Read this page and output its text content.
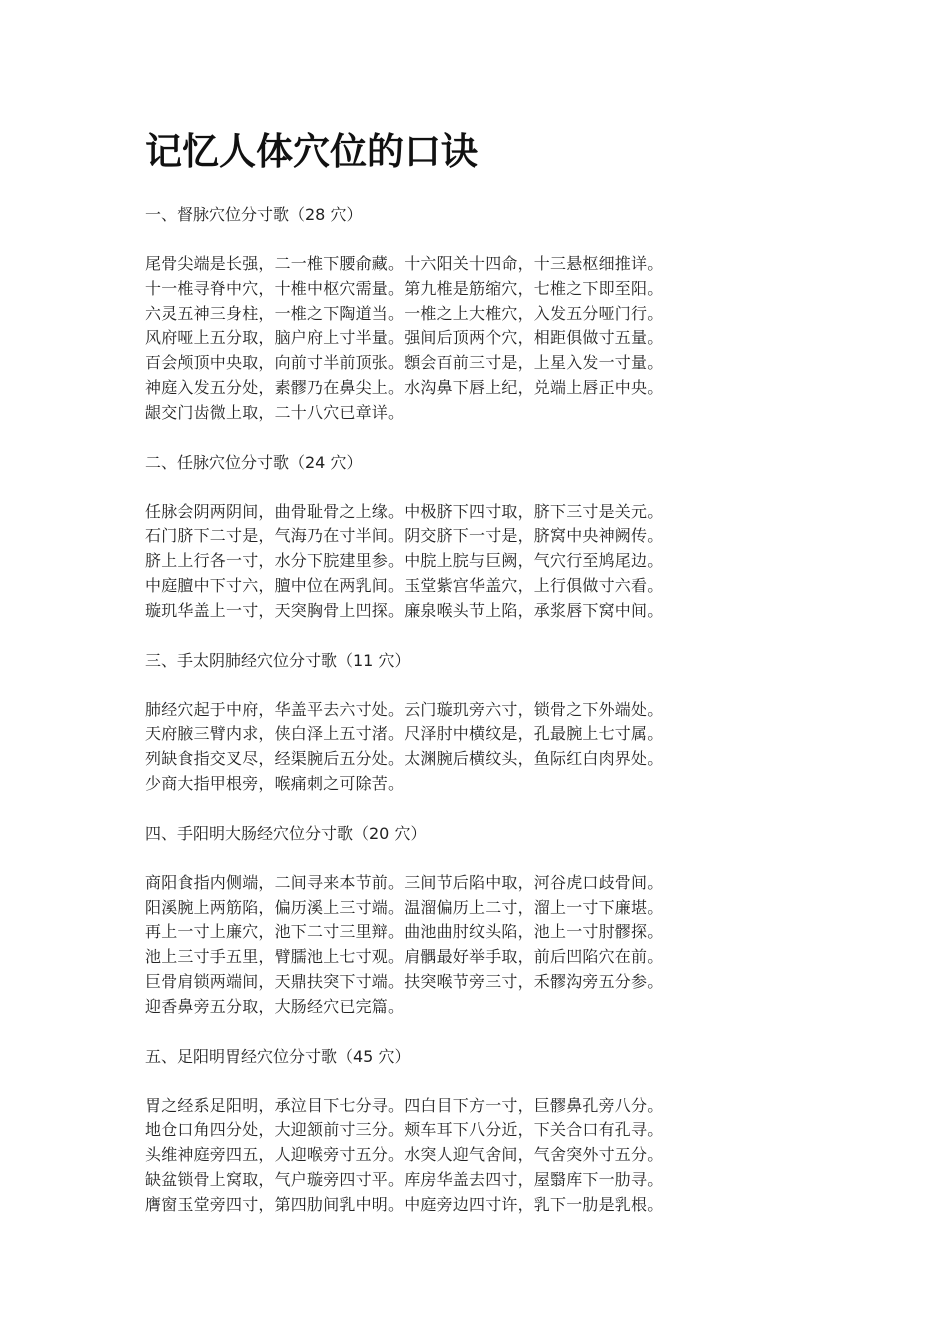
记忆人体穴位的口诀
一、督脉穴位分寸歌（28 穴）
尾骨尖端是长强，二一椎下腰俞藏。十六阳关十四命，十三悬枢细推详。
十一椎寻脊中穴，十椎中枢穴需量。第九椎是筋缩穴，七椎之下即至阳。
六灵五神三身柱，一椎之下陶道当。一椎之上大椎穴，入发五分哑门行。
风府哑上五分取，脑户府上寸半量。强间后顶两个穴，相距俱做寸五量。
百会颅顶中央取，向前寸半前顶张。顖会百前三寸是，上星入发一寸量。
神庭入发五分处，素髎乃在鼻尖上。水沟鼻下唇上纪，兑端上唇正中央。
龈交门齿微上取，二十八穴已章详。
二、任脉穴位分寸歌（24 穴）
任脉会阴两阴间，曲骨耻骨之上缘。中极脐下四寸取，脐下三寸是关元。
石门脐下二寸是，气海乃在寸半间。阴交脐下一寸是，脐窝中央神阙传。
脐上上行各一寸，水分下脘建里参。中脘上脘与巨阙，气穴行至鸠尾边。
中庭膻中下寸六，膻中位在两乳间。玉堂紫宫华盖穴，上行俱做寸六看。
璇玑华盖上一寸，天突胸骨上凹探。廉泉喉头节上陷，承浆唇下窝中间。
三、手太阴肺经穴位分寸歌（11 穴）
肺经穴起于中府，华盖平去六寸处。云门璇玑旁六寸，锁骨之下外端处。
天府腋三臂内求，侠白泽上五寸渚。尺泽肘中横纹是，孔最腕上七寸属。
列缺食指交叉尽，经渠腕后五分处。太渊腕后横纹头，鱼际红白肉界处。
少商大指甲根旁，喉痛刺之可除苦。
四、手阳明大肠经穴位分寸歌（20 穴）
商阳食指内侧端，二间寻来本节前。三间节后陷中取，河谷虎口歧骨间。
阳溪腕上两筋陷，偏历溪上三寸端。温溜偏历上二寸，溜上一寸下廉堪。
再上一寸上廉穴，池下二寸三里辩。曲池曲肘纹头陷，池上一寸肘髎探。
池上三寸手五里，臂臑池上七寸观。肩髃最好举手取，前后凹陷穴在前。
巨骨肩锁两端间，天鼎扶突下寸端。扶突喉节旁三寸，禾髎沟旁五分参。
迎香鼻旁五分取，大肠经穴已完篇。
五、足阳明胃经穴位分寸歌（45 穴）
胃之经系足阳明，承泣目下七分寻。四白目下方一寸，巨髎鼻孔旁八分。
地仓口角四分处，大迎颔前寸三分。颊车耳下八分近，下关合口有孔寻。
头维神庭旁四五，人迎喉旁寸五分。水突人迎气舍间，气舍突外寸五分。
缺盆锁骨上窝取，气户璇旁四寸平。库房华盖去四寸，屋翳库下一肋寻。
膺窗玉堂旁四寸，第四肋间乳中明。中庭旁边四寸许，乳下一肋是乳根。
